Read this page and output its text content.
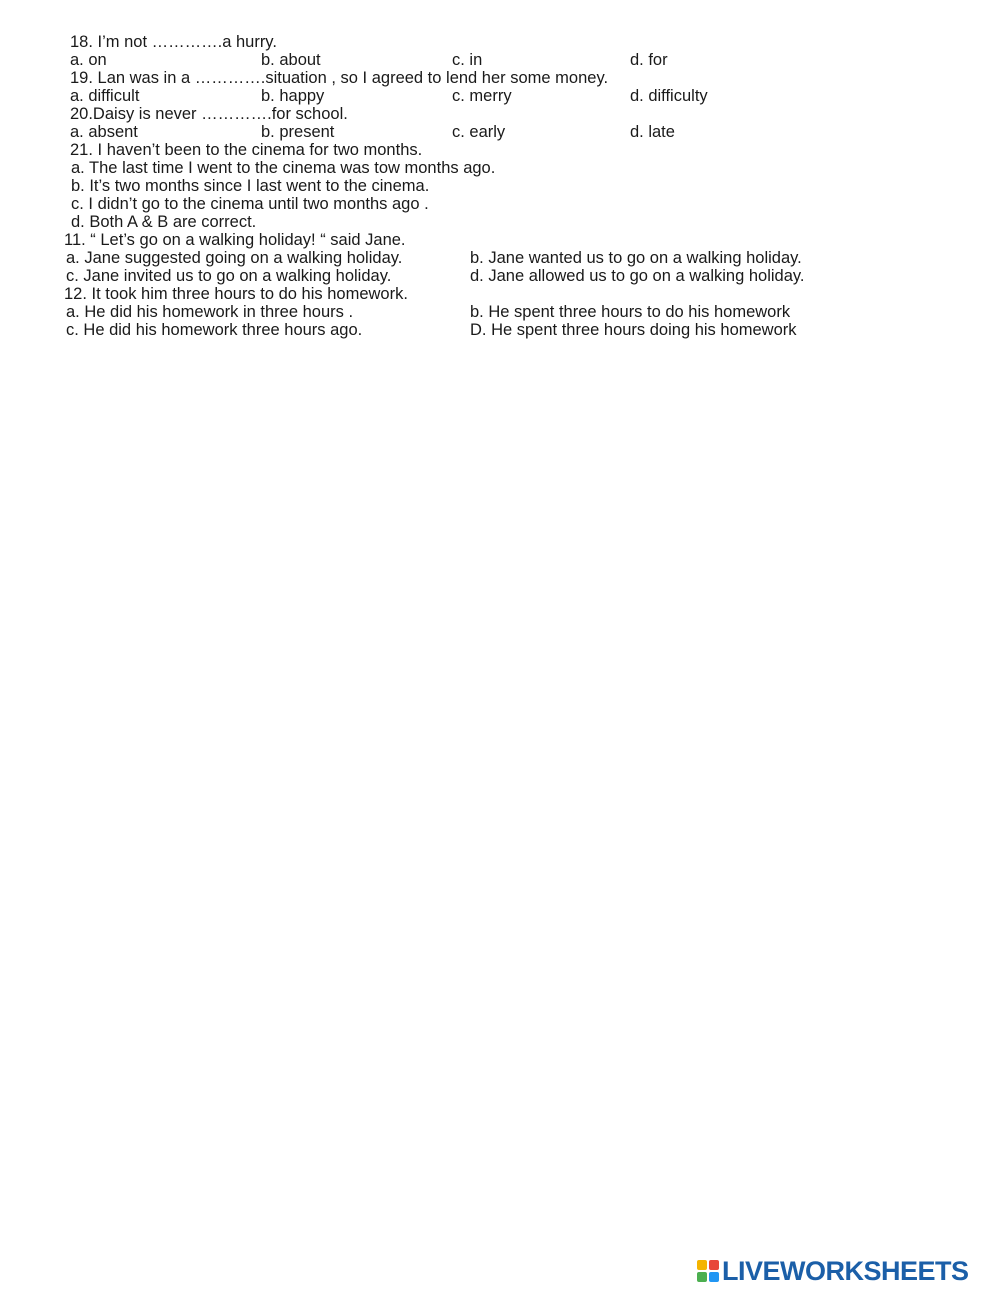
18. I’m not ………….a hurry.
a. on	b. about	c. in	d. for
19. Lan was in a ………….situation , so I agreed to lend her some money.
a. difficult	b. happy	c. merry	d. difficulty
20.Daisy is never ………….for school.
a. absent	b. present	c. early	d. late
21. I haven’t been to the cinema for two months.
a. The last time I went to the cinema was tow months ago.
b. It’s two months since I last went to the cinema.
c. I didn’t go to the cinema until two months ago .
d. Both A & B are correct.
11. “ Let’s go on a walking holiday! “ said Jane.
a. Jane suggested going on a walking holiday.	b. Jane wanted us to go on a walking holiday.
c. Jane invited us to go on a walking holiday.	d. Jane allowed us to go on a walking holiday.
12. It took him three hours to do his homework.
a. He did his homework in three hours .	b. He spent three hours to do his homework
c. He did his homework three hours ago.	D. He spent three hours doing his homework
LIVEWORKSHEETS
